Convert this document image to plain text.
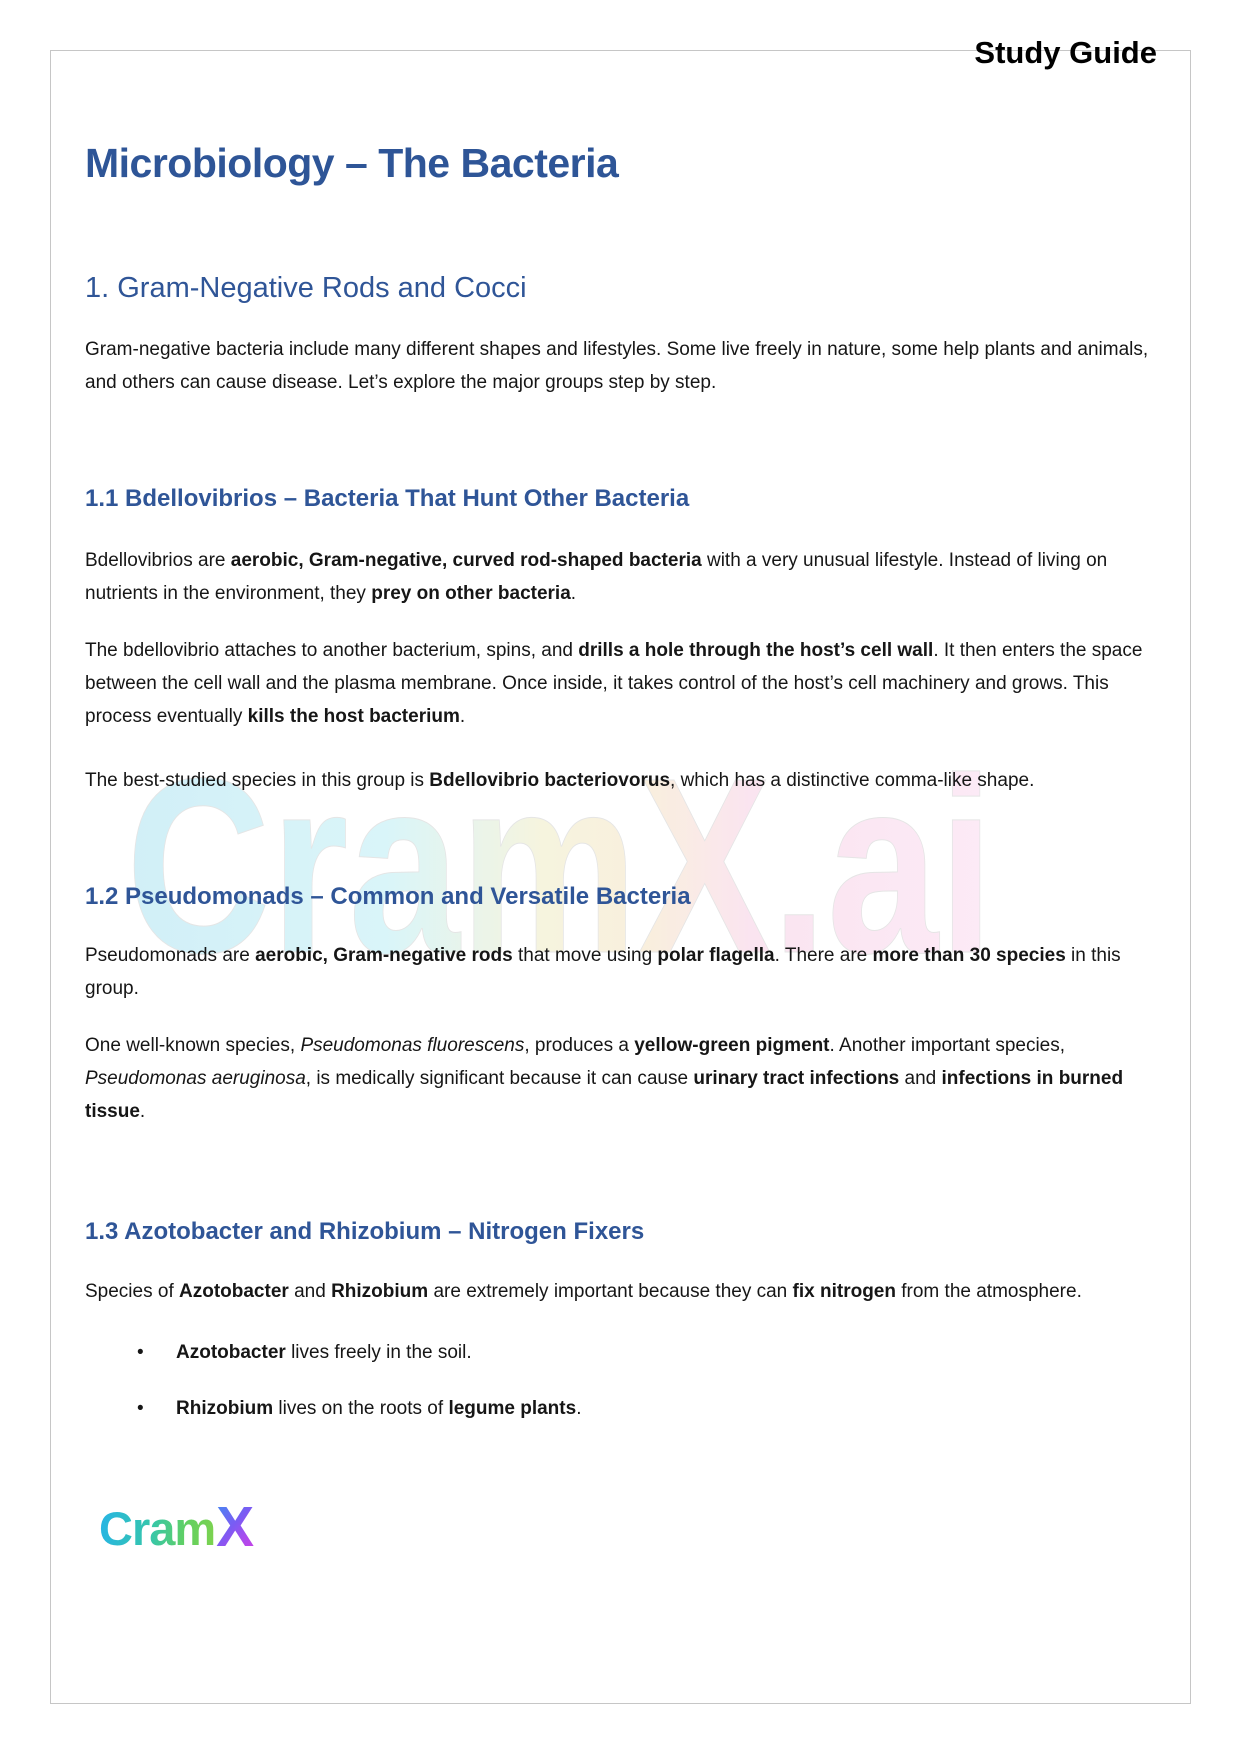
CramX.ai
Study Guide
Microbiology – The Bacteria
1. Gram-Negative Rods and Cocci

Gram-negative bacteria include many different shapes and lifestyles. Some live freely in nature, some help plants and animals, and others can cause disease. Let’s explore the major groups step by step.

1.1 Bdellovibrios – Bacteria That Hunt Other Bacteria

Bdellovibrios are aerobic, Gram-negative, curved rod-shaped bacteria with a very unusual lifestyle. Instead of living on nutrients in the environment, they prey on other bacteria.

The bdellovibrio attaches to another bacterium, spins, and drills a hole through the host’s cell wall. It then enters the space between the cell wall and the plasma membrane. Once inside, it takes control of the host’s cell machinery and grows. This process eventually kills the host bacterium.

The best-studied species in this group is Bdellovibrio bacteriovorus, which has a distinctive comma-like shape.

1.2 Pseudomonads – Common and Versatile Bacteria

Pseudomonads are aerobic, Gram-negative rods that move using polar flagella. There are more than 30 species in this group.

One well-known species, Pseudomonas fluorescens, produces a yellow-green pigment. Another important species, Pseudomonas aeruginosa, is medically significant because it can cause urinary tract infections and infections in burned tissue.

1.3 Azotobacter and Rhizobium – Nitrogen Fixers

Species of Azotobacter and Rhizobium are extremely important because they can fix nitrogen from the atmosphere.

•	Azotobacter lives freely in the soil.
•	Rhizobium lives on the roots of legume plants.
Cram X
